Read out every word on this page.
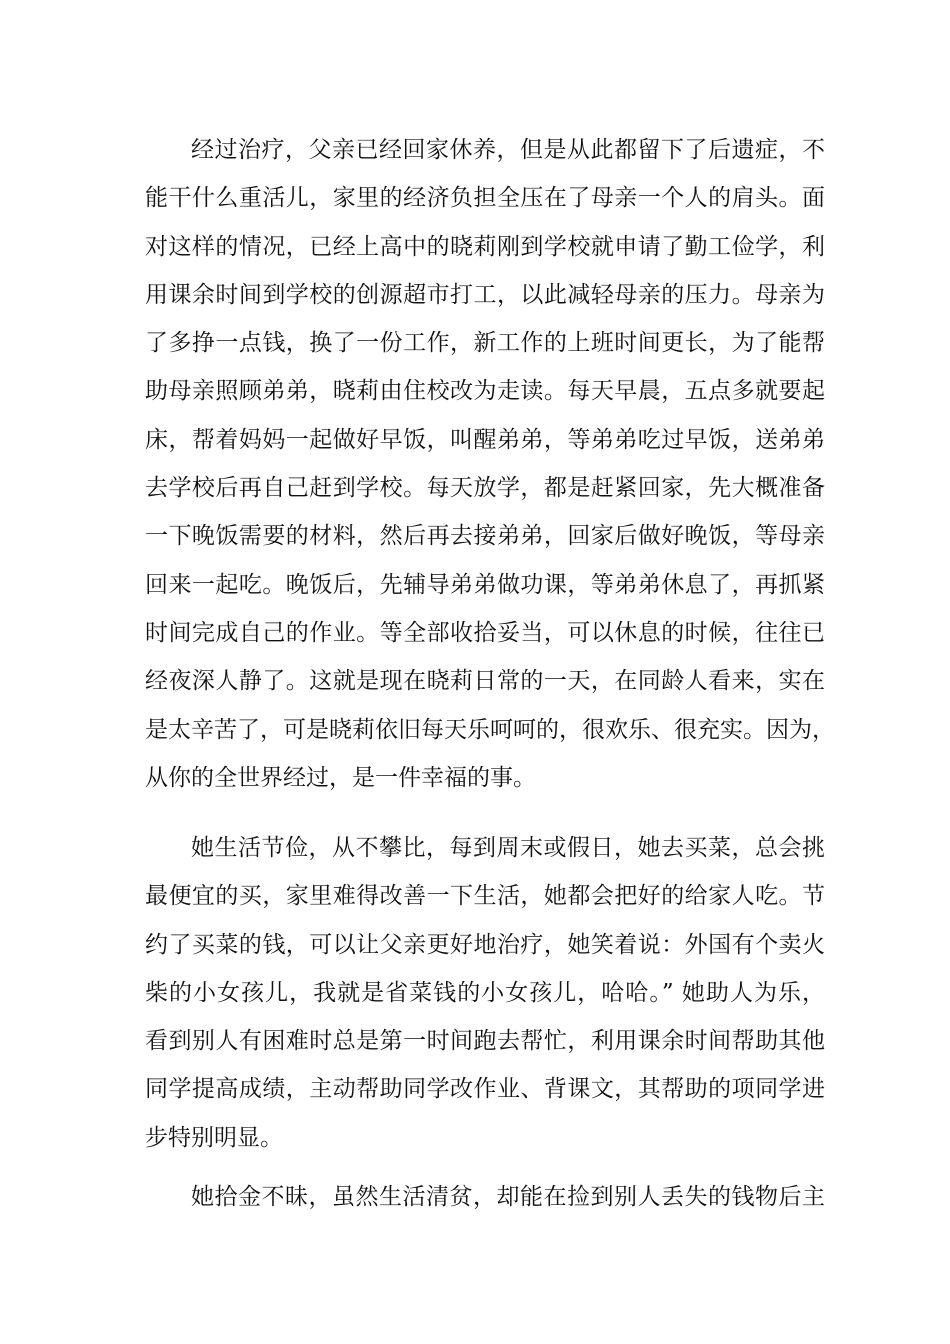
经过治疗，父亲已经回家休养，但是从此都留下了后遗症，不
能干什么重活儿，家里的经济负担全压在了母亲一个人的肩头。面
对这样的情况，已经上高中的晓莉刚到学校就申请了勤工俭学，利
用课余时间到学校的创源超市打工，以此减轻母亲的压力。母亲为
了多挣一点钱，换了一份工作，新工作的上班时间更长，为了能帮
助母亲照顾弟弟，晓莉由住校改为走读。每天早晨，五点多就要起
床，帮着妈妈一起做好早饭，叫醒弟弟，等弟弟吃过早饭，送弟弟
去学校后再自己赶到学校。每天放学，都是赶紧回家，先大概准备
一下晚饭需要的材料，然后再去接弟弟，回家后做好晚饭，等母亲
回来一起吃。晚饭后，先辅导弟弟做功课，等弟弟休息了，再抓紧
时间完成自己的作业。等全部收拾妥当，可以休息的时候，往往已
经夜深人静了。这就是现在晓莉日常的一天，在同龄人看来，实在
是太辛苦了，可是晓莉依旧每天乐呵呵的，很欢乐、很充实。因为，
从你的全世界经过，是一件幸福的事。
她生活节俭，从不攀比，每到周末或假日，她去买菜，总会挑
最便宜的买，家里难得改善一下生活，她都会把好的给家人吃。节
约了买菜的钱，可以让父亲更好地治疗，她笑着说：外国有个卖火
柴的小女孩儿，我就是省菜钱的小女孩儿，哈哈。” 她助人为乐，
看到别人有困难时总是第一时间跑去帮忙，利用课余时间帮助其他
同学提高成绩，主动帮助同学改作业、背课文，其帮助的项同学进
步特别明显。
她拾金不昧，虽然生活清贫，却能在捡到别人丢失的钱物后主
